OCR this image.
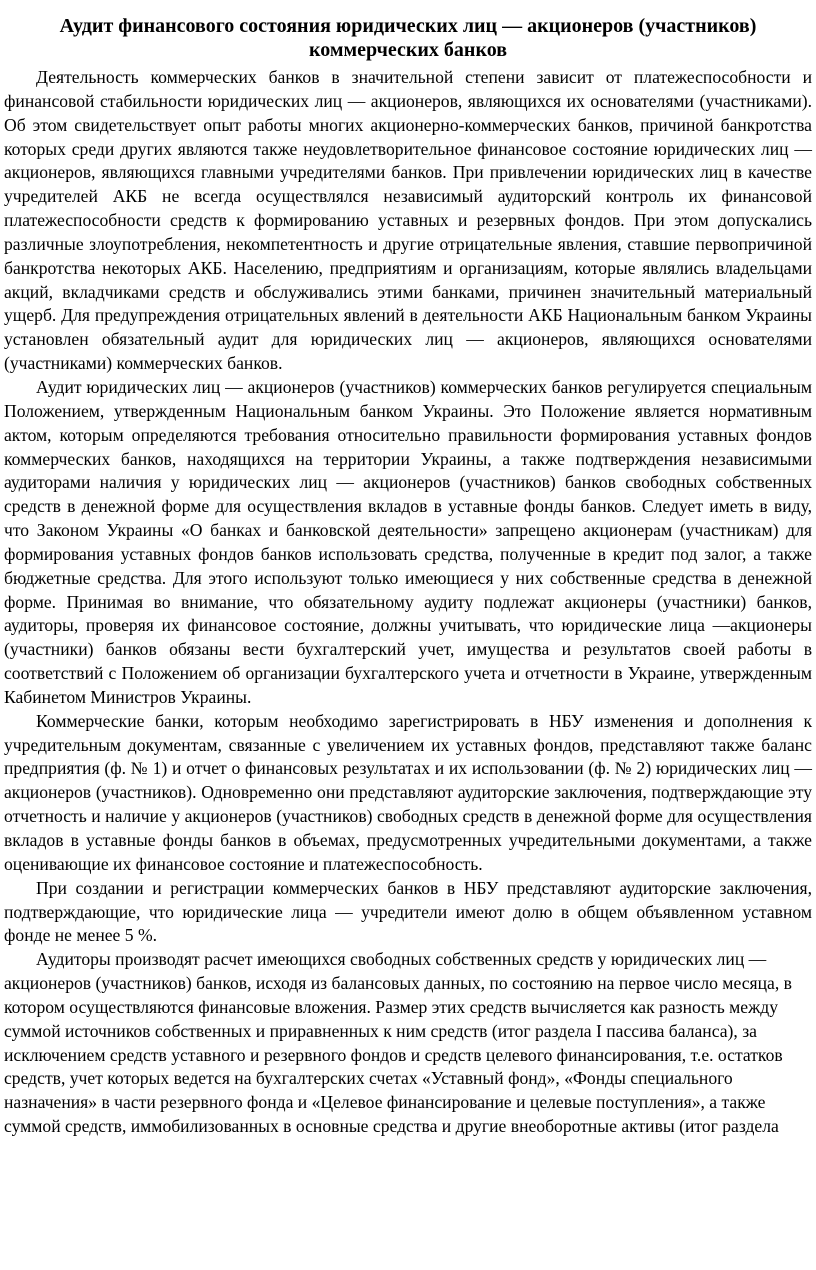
Аудит финансового состояния юридических лиц — акционеров (участников) коммерческих банков

Деятельность коммерческих банков в значительной степени зависит от платежеспособности и финансовой стабильности юридических лиц — акционеров, являющихся их основателями (участниками). Об этом свидетельствует опыт работы многих акционерно-коммерческих банков, причиной банкротства которых среди других являются также неудовлетворительное финансовое состояние юридических лиц — акционеров, являющихся главными учредителями банков. При привлечении юридических лиц в качестве учредителей АКБ не всегда осуществлялся независимый аудиторский контроль их финансовой платежеспособности средств к формированию уставных и резервных фондов. При этом допускались различные злоупотребления, некомпетентность и другие отрицательные явления, ставшие первопричиной банкротства некоторых АКБ. Населению, предприятиям и организациям, которые являлись владельцами акций, вкладчиками средств и обслуживались этими банками, причинен значительный материальный ущерб. Для предупреждения отрицательных явлений в деятельности АКБ Национальным банком Украины установлен обязательный аудит для юридических лиц — акционеров, являющихся основателями (участниками) коммерческих банков.

Аудит юридических лиц — акционеров (участников) коммерческих банков регулируется специальным Положением, утвержденным Национальным банком Украины. Это Положение является нормативным актом, которым определяются требования относительно правильности формирования уставных фондов коммерческих банков, находящихся на территории Украины, а также подтверждения независимыми аудиторами наличия у юридических лиц — акционеров (участников) банков свободных собственных средств в денежной форме для осуществления вкладов в уставные фонды банков. Следует иметь в виду, что Законом Украины «О банках и банковской деятельности» запрещено акционерам (участникам) для формирования уставных фондов банков использовать средства, полученные в кредит под залог, а также бюджетные средства. Для этого используют только имеющиеся у них собственные средства в денежной форме. Принимая во внимание, что обязательному аудиту подлежат акционеры (участники) банков, аудиторы, проверяя их финансовое состояние, должны учитывать, что юридические лица —акционеры (участники) банков обязаны вести бухгалтерский учет, имущества и результатов своей работы в соответствий с Положением об организации бухгалтерского учета и отчетности в Украине, утвержденным Кабинетом Министров Украины.

Коммерческие банки, которым необходимо зарегистрировать в НБУ изменения и дополнения к учредительным документам, связанные с увеличением их уставных фондов, представляют также баланс предприятия (ф. № 1) и отчет о финансовых результатах и их использовании (ф. № 2) юридических лиц — акционеров (участников). Одновременно они представляют аудиторские заключения, подтверждающие эту отчетность и наличие у акционеров (участников) свободных средств в денежной форме для осуществления вкладов в уставные фонды банков в объемах, предусмотренных учредительными документами, а также оценивающие их финансовое состояние и платежеспособность.

При создании и регистрации коммерческих банков в НБУ представляют аудиторские заключения, подтверждающие, что юридические лица — учредители имеют долю в общем объявленном уставном фонде не менее 5 %.

Аудиторы производят расчет имеющихся свободных собственных средств у юридических лиц — акционеров (участников) банков, исходя из балансовых данных, по состоянию на первое число месяца, в котором осуществляются финансовые вложения. Размер этих средств вычисляется как разность между суммой источников собственных и приравненных к ним средств (итог раздела I пассива баланса), за исключением средств уставного и резервного фондов и средств целевого финансирования, т.е. остатков средств, учет которых ведется на бухгалтерских счетах «Уставный фонд», «Фонды специального назначения» в части резервного фонда и «Целевое финансирование и целевые поступления», а также суммой средств, иммобилизованных в основные средства и другие внеоборотные активы (итог раздела
